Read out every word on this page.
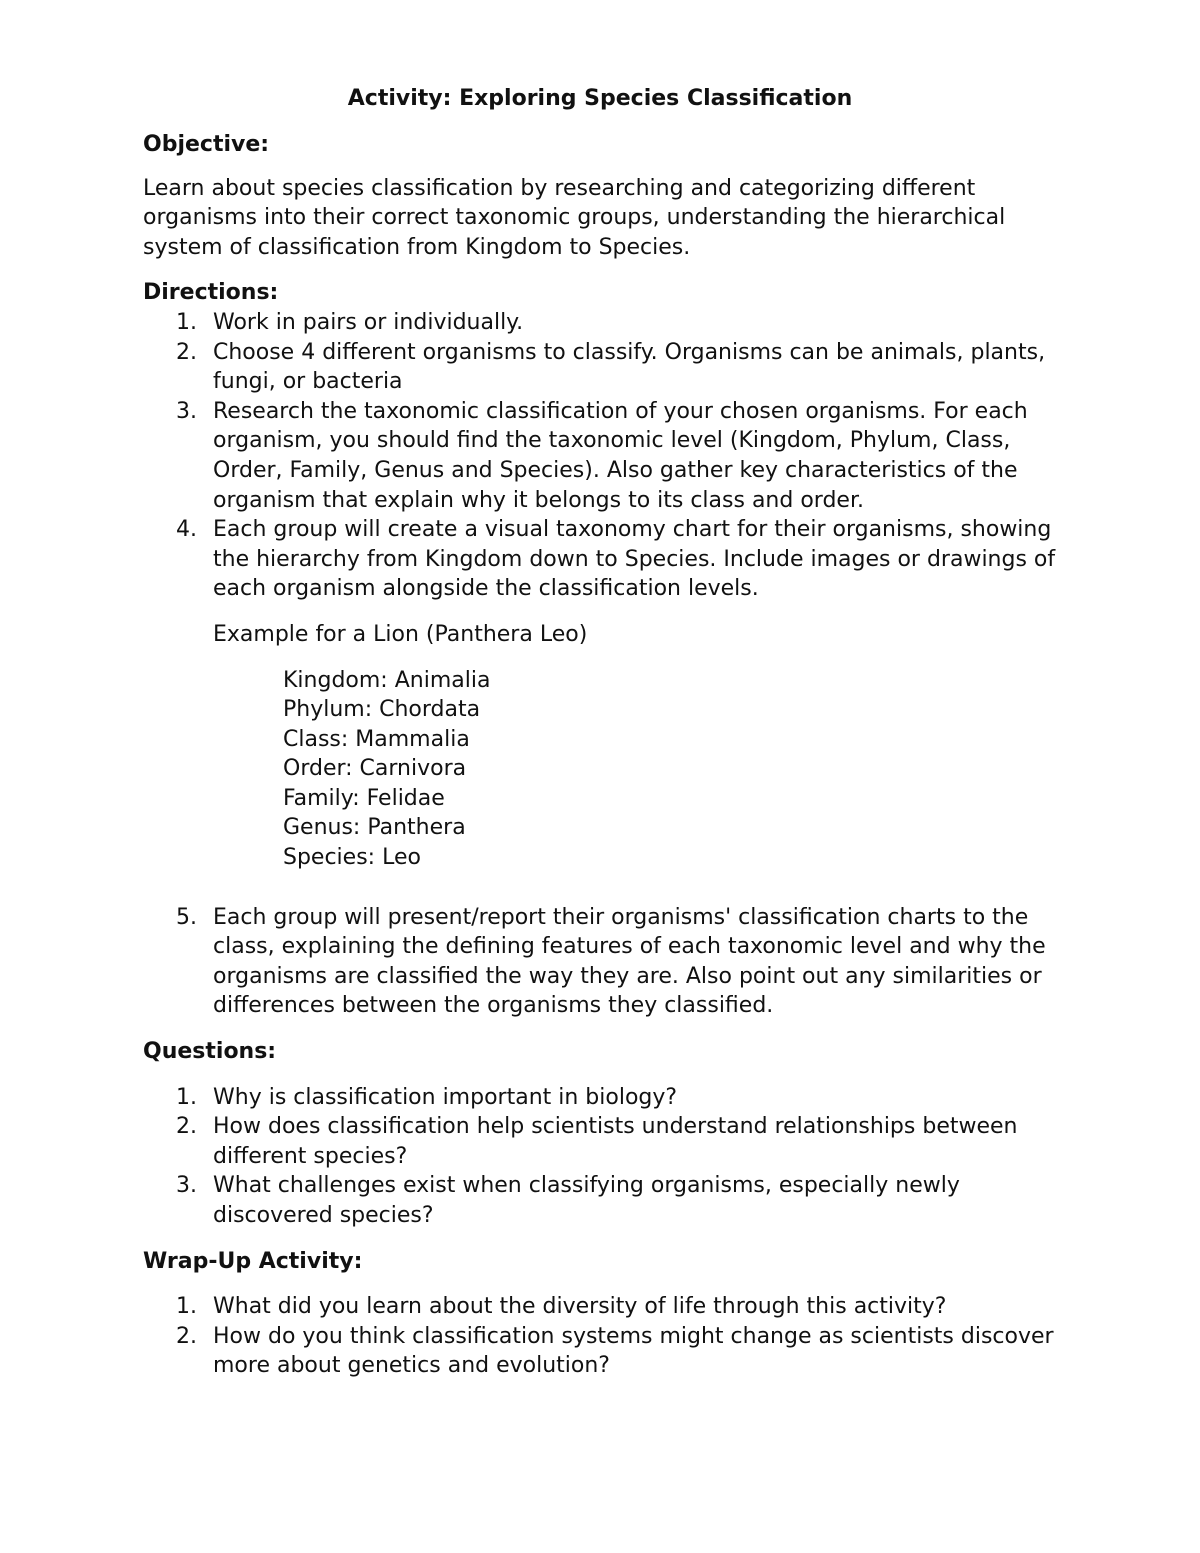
Activity: Exploring Species Classification

Objective:

Learn about species classification by researching and categorizing different organisms into their correct taxonomic groups, understanding the hierarchical system of classification from Kingdom to Species.

Directions:

1. Work in pairs or individually.
2. Choose 4 different organisms to classify. Organisms can be animals, plants, fungi, or bacteria
3. Research the taxonomic classification of your chosen organisms. For each organism, you should find the taxonomic level (Kingdom, Phylum, Class, Order, Family, Genus and Species). Also gather key characteristics of the organism that explain why it belongs to its class and order.
4. Each group will create a visual taxonomy chart for their organisms, showing the hierarchy from Kingdom down to Species. Include images or drawings of each organism alongside the classification levels.

Example for a Lion (Panthera Leo)

Kingdom: Animalia

Phylum: Chordata

Class: Mammalia

Order: Carnivora

Family: Felidae

Genus: Panthera

Species: Leo

5. Each group will present/report their organisms' classification charts to the class, explaining the defining features of each taxonomic level and why the organisms are classified the way they are. Also point out any similarities or differences between the organisms they classified.

Questions:

1. Why is classification important in biology?
2. How does classification help scientists understand relationships between different species?
3. What challenges exist when classifying organisms, especially newly discovered species?

Wrap-Up Activity:

1. What did you learn about the diversity of life through this activity?
2. How do you think classification systems might change as scientists discover more about genetics and evolution?
